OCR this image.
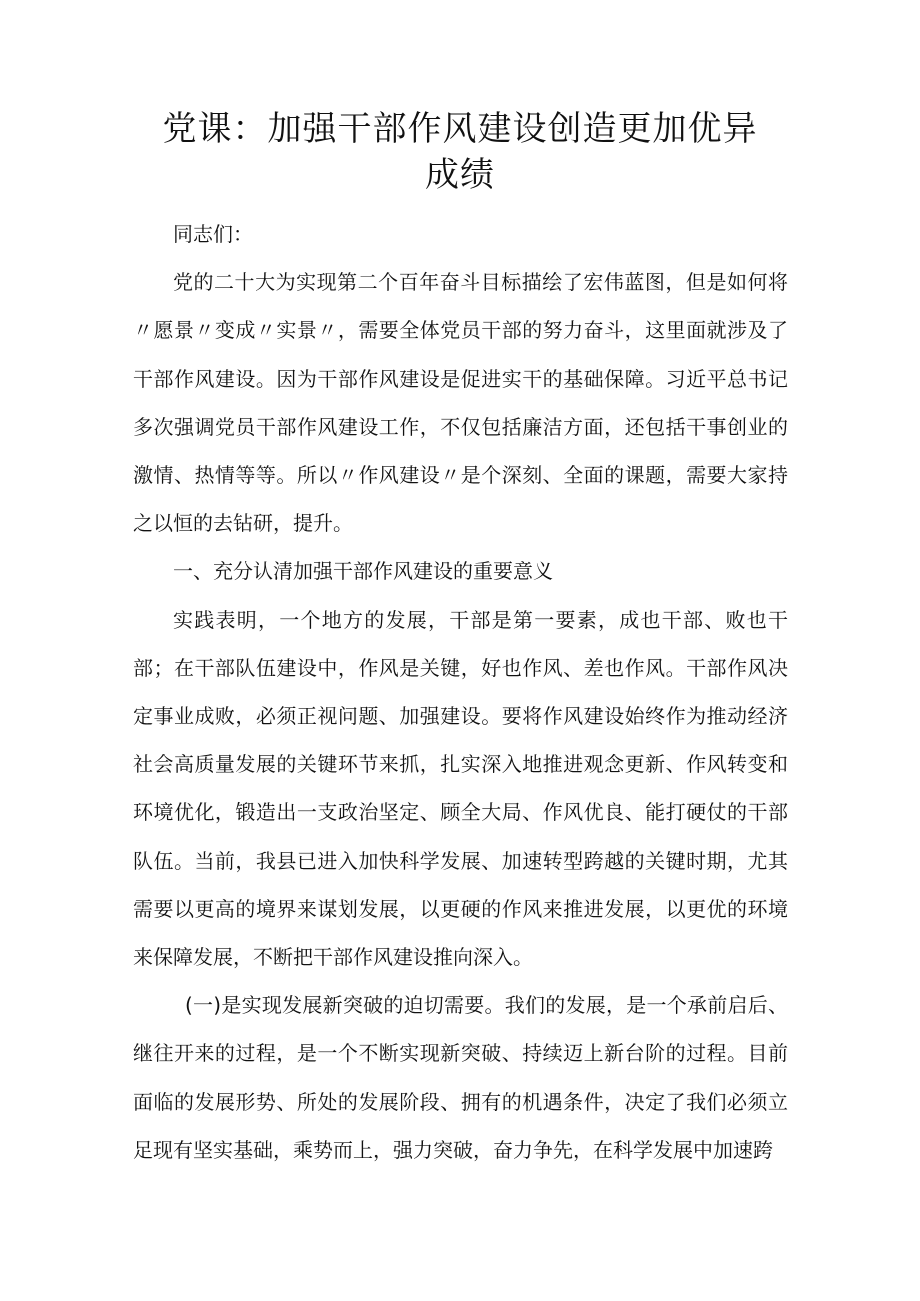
党课：加强干部作风建设创造更加优异
成绩

同志们：

党的二十大为实现第二个百年奋斗目标描绘了宏伟蓝图，但是如何将〃愿景〃变成〃实景〃，需要全体党员干部的努力奋斗，这里面就涉及了干部作风建设。因为干部作风建设是促进实干的基础保障。习近平总书记多次强调党员干部作风建设工作，不仅包括廉洁方面，还包括干事创业的激情、热情等等。所以〃作风建设〃是个深刻、全面的课题，需要大家持之以恒的去钻研，提升。

一、充分认清加强干部作风建设的重要意义

实践表明，一个地方的发展，干部是第一要素，成也干部、败也干部；在干部队伍建设中，作风是关键，好也作风、差也作风。干部作风决定事业成败，必须正视问题、加强建设。要将作风建设始终作为推动经济社会高质量发展的关键环节来抓，扎实深入地推进观念更新、作风转变和环境优化，锻造出一支政治坚定、顾全大局、作风优良、能打硬仗的干部队伍。当前，我县已进入加快科学发展、加速转型跨越的关键时期，尤其需要以更高的境界来谋划发展，以更硬的作风来推进发展，以更优的环境来保障发展，不断把干部作风建设推向深入。

(一)是实现发展新突破的迫切需要。我们的发展，是一个承前启后、继往开来的过程，是一个不断实现新突破、持续迈上新台阶的过程。目前面临的发展形势、所处的发展阶段、拥有的机遇条件，决定了我们必须立足现有坚实基础，乘势而上，强力突破，奋力争先，在科学发展中加速跨
